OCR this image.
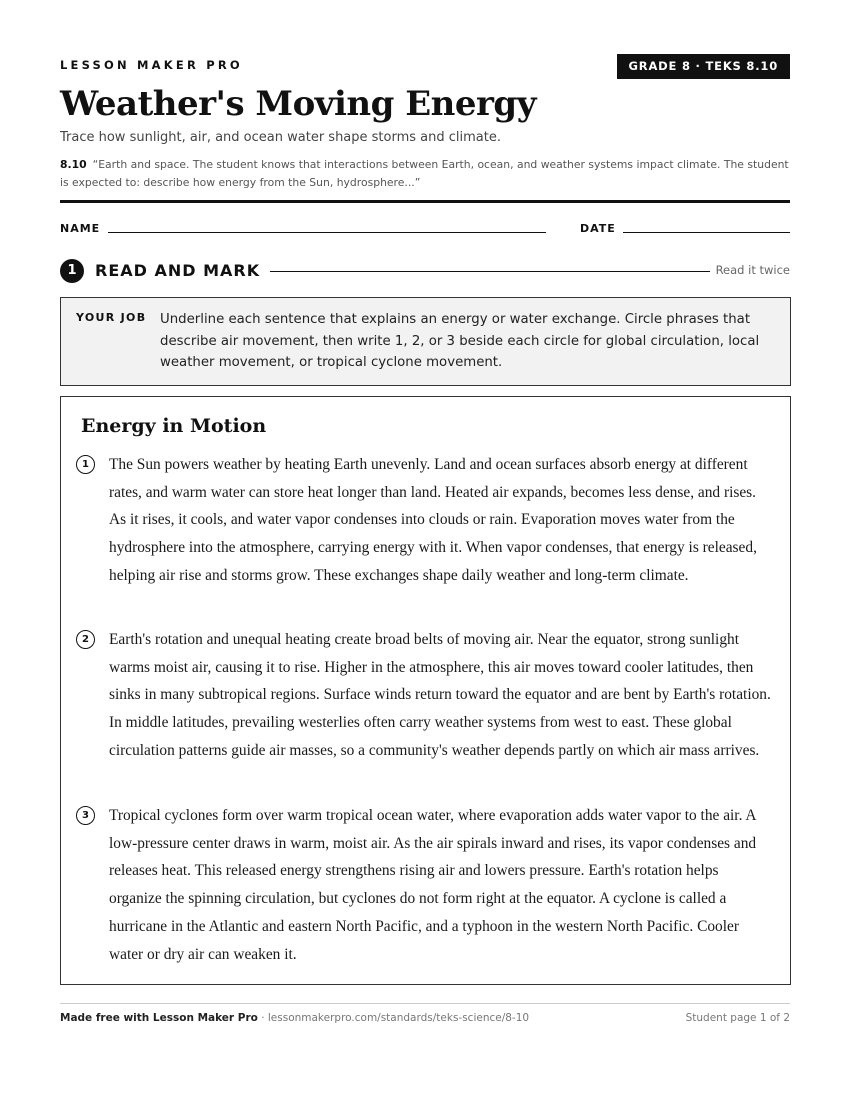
LESSON MAKER PRO	GRADE 8 · TEKS 8.10
Weather's Moving Energy
Trace how sunlight, air, and ocean water shape storms and climate.
8.10 “Earth and space. The student knows that interactions between Earth, ocean, and weather systems impact climate. The student is expected to: describe how energy from the Sun, hydrosphere...”
NAME	DATE
1	READ AND MARK	Read it twice
YOUR JOB Underline each sentence that explains an energy or water exchange. Circle phrases that describe air movement, then write 1, 2, or 3 beside each circle for global circulation, local weather movement, or tropical cyclone movement.
Energy in Motion
1	The Sun powers weather by heating Earth unevenly. Land and ocean surfaces absorb energy at different rates, and warm water can store heat longer than land. Heated air expands, becomes less dense, and rises. As it rises, it cools, and water vapor condenses into clouds or rain. Evaporation moves water from the hydrosphere into the atmosphere, carrying energy with it. When vapor condenses, that energy is released, helping air rise and storms grow. These exchanges shape daily weather and long-term climate.
2	Earth's rotation and unequal heating create broad belts of moving air. Near the equator, strong sunlight warms moist air, causing it to rise. Higher in the atmosphere, this air moves toward cooler latitudes, then sinks in many subtropical regions. Surface winds return toward the equator and are bent by Earth's rotation. In middle latitudes, prevailing westerlies often carry weather systems from west to east. These global circulation patterns guide air masses, so a community's weather depends partly on which air mass arrives.
3	Tropical cyclones form over warm tropical ocean water, where evaporation adds water vapor to the air. A low-pressure center draws in warm, moist air. As the air spirals inward and rises, its vapor condenses and releases heat. This released energy strengthens rising air and lowers pressure. Earth's rotation helps organize the spinning circulation, but cyclones do not form right at the equator. A cyclone is called a hurricane in the Atlantic and eastern North Pacific, and a typhoon in the western North Pacific. Cooler water or dry air can weaken it.
Made free with Lesson Maker Pro · lessonmakerpro.com/standards/teks-science/8-10	Student page 1 of 2
